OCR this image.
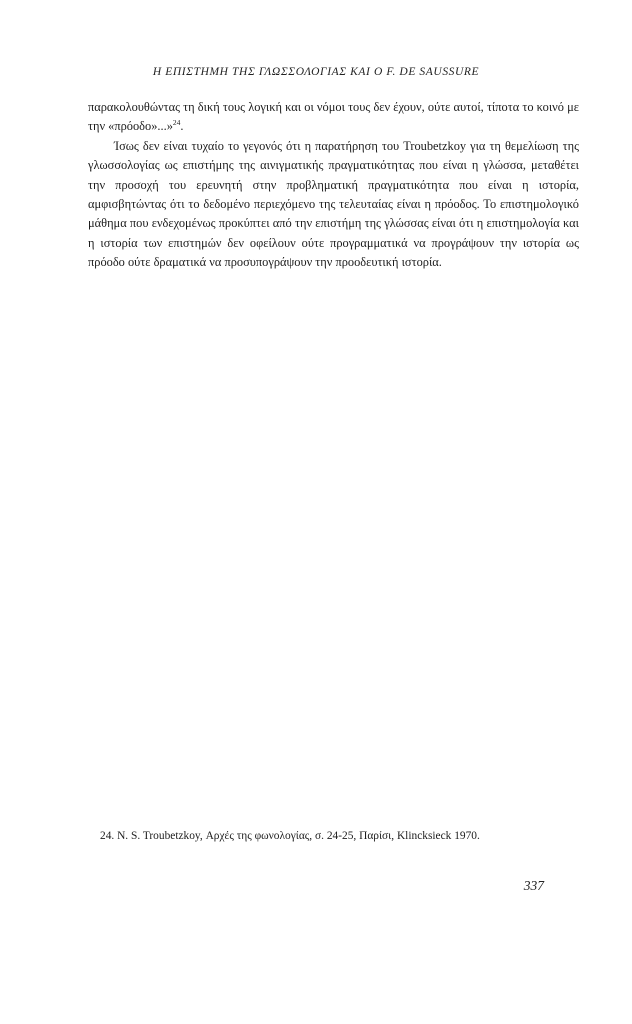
Η ΕΠΙΣΤΗΜΗ ΤΗΣ ΓΛΩΣΣΟΛΟΓΙΑΣ ΚΑΙ Ο F. DE SAUSSURE

παρακολουθώντας τη δική τους λογική και οι νόμοι τους δεν έχουν, ούτε αυτοί, τίποτα το κοινό με την «πρόοδο»...»$^{24}$.

Ίσως δεν είναι τυχαίο το γεγονός ότι η παρατήρηση του Troubetzkoy για τη θεμελίωση της γλωσσολογίας ως επιστήμης της αινιγματικής πραγματικότητας που είναι η γλώσσα, μεταθέτει την προσοχή του ερευνητή στην προβληματική πραγματικότητα που είναι η ιστορία, αμφισβητώντας ότι το δεδομένο περιεχόμενο της τελευταίας είναι η πρόοδος. Το επιστημολογικό μάθημα που ενδεχομένως προκύπτει από την επιστήμη της γλώσσας είναι ότι η επιστημολογία και η ιστορία των επιστημών δεν οφείλουν ούτε προγραμματικά να προγράψουν την ιστορία ως πρόοδο ούτε δραματικά να προσυπογράψουν την προοδευτική ιστορία.

24. N. S. Troubetzkoy, Αρχές της φωνολογίας, σ. 24-25, Παρίσι, Klincksieck 1970.
337
